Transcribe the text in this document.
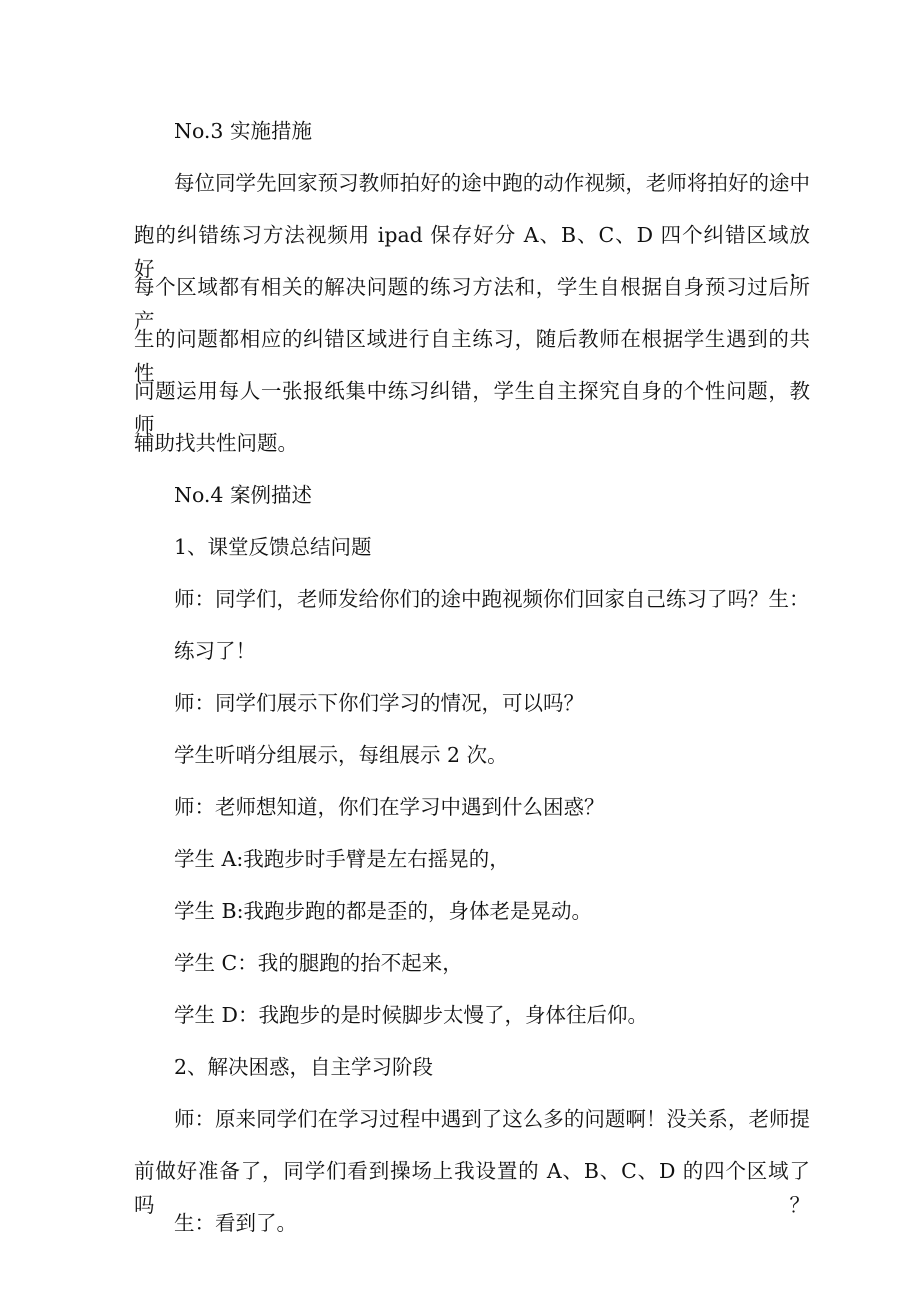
No.3 实施措施
每位同学先回家预习教师拍好的途中跑的动作视频，老师将拍好的途中
跑的纠错练习方法视频用 ipad 保存好分 A、B、C、D 四个纠错区域放好，
每个区域都有相关的解决问题的练习方法和，学生自根据自身预习过后所产
生的问题都相应的纠错区域进行自主练习，随后教师在根据学生遇到的共性
问题运用每人一张报纸集中练习纠错，学生自主探究自身的个性问题，教师
辅助找共性问题。
No.4 案例描述
1、课堂反馈总结问题
师：同学们，老师发给你们的途中跑视频你们回家自己练习了吗？生：
练习了！
师：同学们展示下你们学习的情况，可以吗？
学生听哨分组展示，每组展示 2 次。
师：老师想知道，你们在学习中遇到什么困惑？
学生 A:我跑步时手臂是左右摇晃的，
学生 B:我跑步跑的都是歪的，身体老是晃动。
学生 C：我的腿跑的抬不起来，
学生 D：我跑步的是时候脚步太慢了，身体往后仰。
2、解决困惑，自主学习阶段
师：原来同学们在学习过程中遇到了这么多的问题啊！没关系，老师提
前做好准备了，同学们看到操场上我设置的 A、B、C、D 的四个区域了吗？
生：看到了。
